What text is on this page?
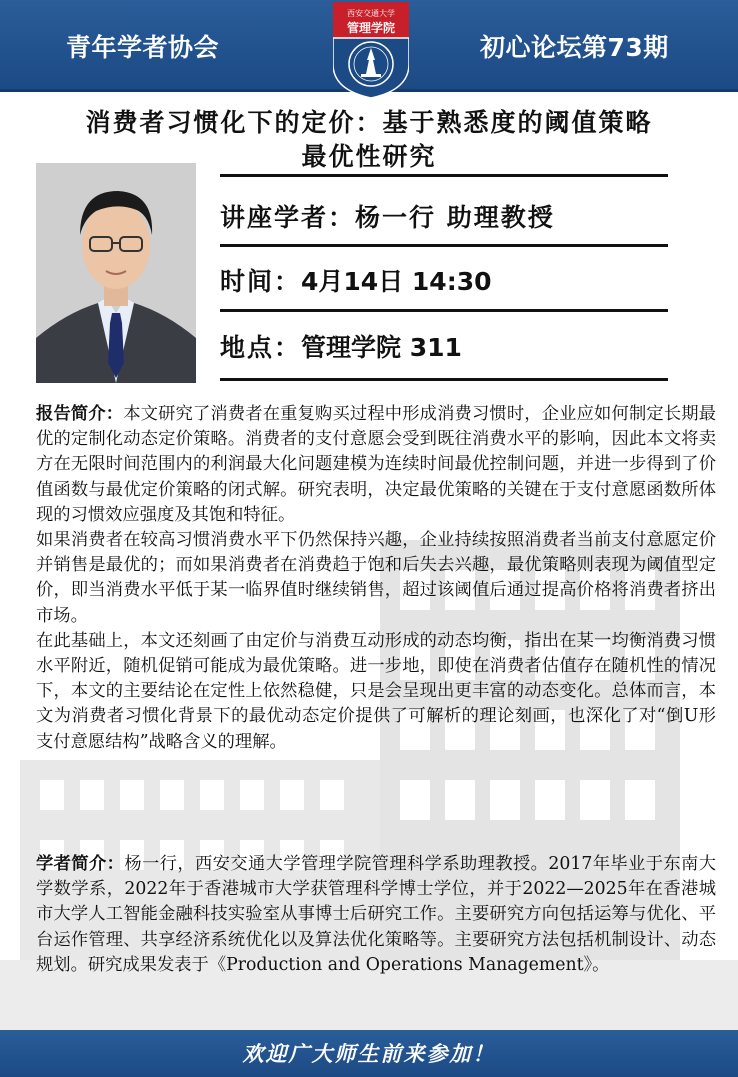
青年学者协会	初心论坛第73期
西安交通大学
管理学院
消费者习惯化下的定价：基于熟悉度的阈值策略
最优性研究
讲座学者：杨一行 助理教授
时间：4月14日 14:30
地点：管理学院 311

报告简介：本文研究了消费者在重复购买过程中形成消费习惯时，企业应如何制定长期最优的定制化动态定价策略。消费者的支付意愿会受到既往消费水平的影响，因此本文将卖方在无限时间范围内的利润最大化问题建模为连续时间最优控制问题，并进一步得到了价值函数与最优定价策略的闭式解。研究表明，决定最优策略的关键在于支付意愿函数所体现的习惯效应强度及其饱和特征。

如果消费者在较高习惯消费水平下仍然保持兴趣，企业持续按照消费者当前支付意愿定价并销售是最优的；而如果消费者在消费趋于饱和后失去兴趣，最优策略则表现为阈值型定价，即当消费水平低于某一临界值时继续销售，超过该阈值后通过提高价格将消费者挤出市场。

在此基础上，本文还刻画了由定价与消费互动形成的动态均衡，指出在某一均衡消费习惯水平附近，随机促销可能成为最优策略。进一步地，即使在消费者估值存在随机性的情况下，本文的主要结论在定性上依然稳健，只是会呈现出更丰富的动态变化。总体而言，本文为消费者习惯化背景下的最优动态定价提供了可解析的理论刻画，也深化了对“倒U形支付意愿结构”战略含义的理解。

学者简介：杨一行，西安交通大学管理学院管理科学系助理教授。2017年毕业于东南大学数学系，2022年于香港城市大学获管理科学博士学位，并于2022—2025年在香港城市大学人工智能金融科技实验室从事博士后研究工作。主要研究方向包括运筹与优化、平台运作管理、共享经济系统优化以及算法优化策略等。主要研究方法包括机制设计、动态规划。研究成果发表于《Production and Operations Management》。

欢迎广大师生前来参加！
